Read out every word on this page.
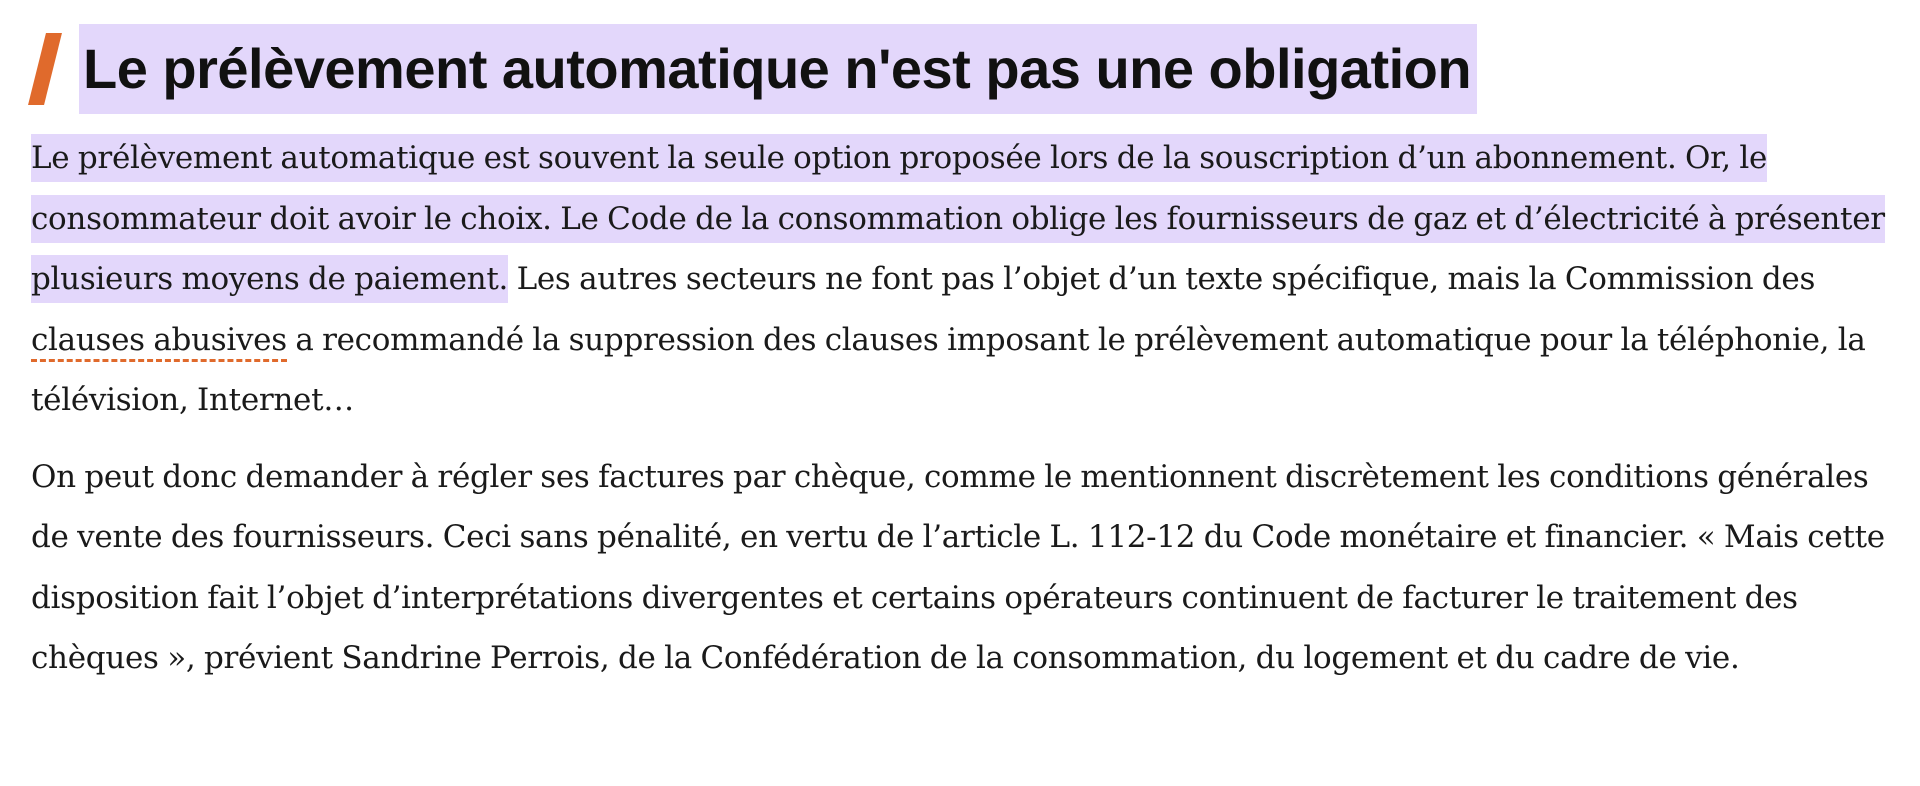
Le prélèvement automatique n'est pas une obligation

Le prélèvement automatique est souvent la seule option proposée lors de la souscription d’un abonnement. Or, le consommateur doit avoir le choix. Le Code de la consommation oblige les fournisseurs de gaz et d’électricité à présenter plusieurs moyens de paiement. Les autres secteurs ne font pas l’objet d’un texte spécifique, mais la Commission des clauses abusives a recommandé la suppression des clauses imposant le prélèvement automatique pour la téléphonie, la télévision, Internet…

On peut donc demander à régler ses factures par chèque, comme le mentionnent discrètement les conditions générales de vente des fournisseurs. Ceci sans pénalité, en vertu de l’article L. 112-12 du Code monétaire et financier. « Mais cette disposition fait l’objet d’interprétations divergentes et certains opérateurs continuent de facturer le traitement des chèques », prévient Sandrine Perrois, de la Confédération de la consommation, du logement et du cadre de vie.
